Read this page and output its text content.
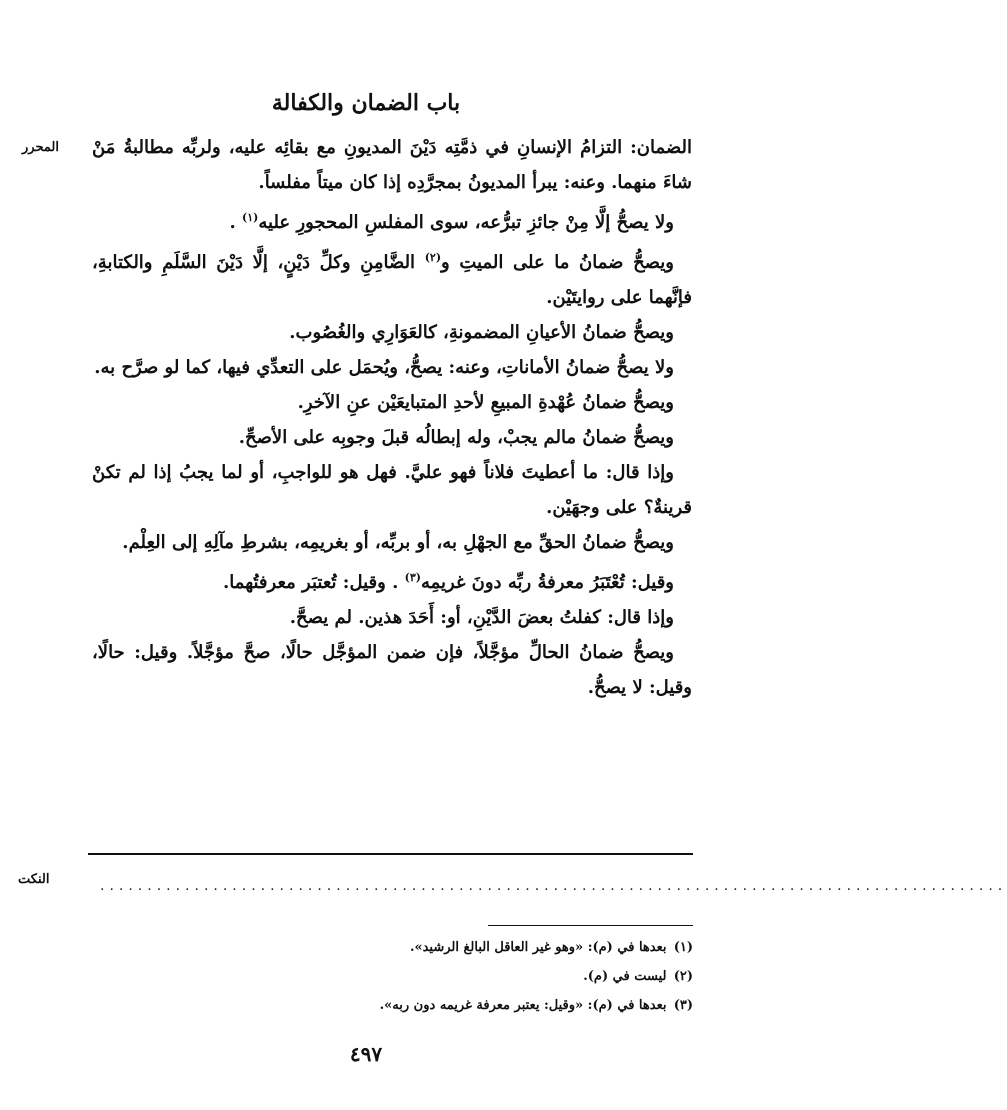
باب الضمان والكفالة
المحرر	الضمان: التزامُ الإنسانِ في ذمَّتِه دَيْنَ المديونِ مع بقائِه عليه، ولربِّه مطالبةُ مَنْ شاءَ منهما. وعنه: يبرأ المديونُ بمجرَّدِه إذا كان ميتاً مفلساً.

ولا يصحُّ إلَّا مِنْ جائزِ تبرُّعه، سوى المفلسِ المحجورِ عليه$^{(١)}$ .

ويصحُّ ضمانُ ما على الميتِ و$^{(٢)}$ الضَّامِنِ وكلِّ دَيْنٍ، إلَّا دَيْنَ السَّلَمِ والكتابةِ، فإنَّهما على روايتَيْن.

ويصحُّ ضمانُ الأعيانِ المضمونةِ، كالعَوَارِي والغُصُوب.

ولا يصحُّ ضمانُ الأماناتِ، وعنه: يصحُّ، ويُحمَل على التعدِّي فيها، كما لو صرَّح به.

ويصحُّ ضمانُ عُهْدةِ المبيعِ لأحدِ المتبايعَيْن عنِ الآخرِ.

ويصحُّ ضمانُ مالم يجبْ، وله إبطالُه قبلَ وجوبِه على الأصحِّ.

وإذا قال: ما أعطيتَ فلاناً فهو عليَّ. فهل هو للواجبِ، أو لما يجبُ إذا لم تكنْ قرينةٌ؟ على وجهَيْن.

ويصحُّ ضمانُ الحقِّ مع الجهْلِ به، أو بربِّه، أو بغريمِه، بشرطِ مآلِهِ إلى العِلْم.

وقيل: تُعْتَبَرُ معرفةُ ربِّه دونَ غريمِه$^{(٣)}$ . وقيل: تُعتبَر معرفتُهما.

وإذا قال: كفلتُ بعضَ الدَّيْنِ، أو: أَحَدَ هذين. لم يصحَّ.

ويصحُّ ضمانُ الحالِّ مؤجَّلاً، فإن ضمن المؤجَّل حالًا، صحَّ مؤجَّلاً. وقيل: حالًا، وقيل: لا يصحُّ.

النكت	................................................................................................
(١) بعدها في (م): «وهو غير العاقل البالغ الرشيد».
(٢) ليست في (م).
(٣) بعدها في (م): «وقيل: يعتبر معرفة غريمه دون ربه».
٤٩٧
